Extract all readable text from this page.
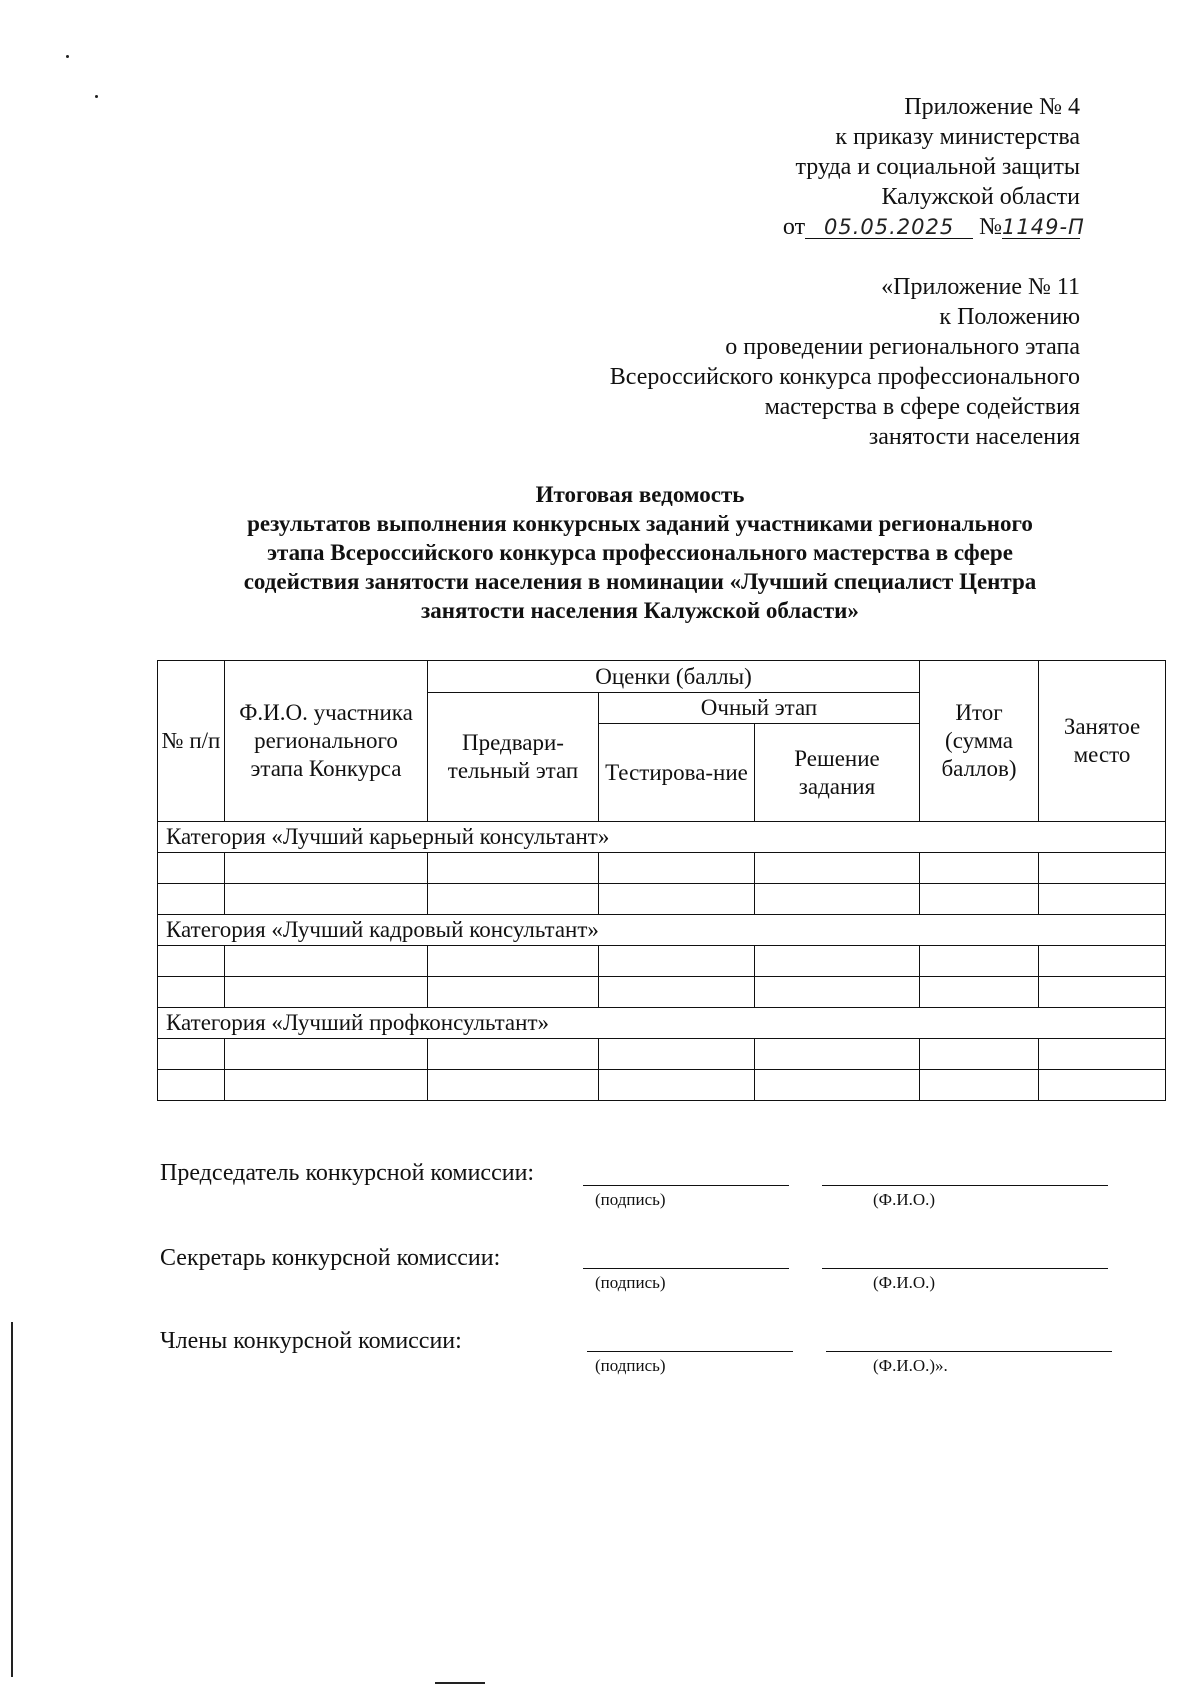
Приложение № 4
к приказу министерства
труда и социальной защиты
Калужской области
от 05.05.2025 №1149-П
«Приложение № 11
к Положению
о проведении регионального этапа
Всероссийского конкурса профессионального
мастерства в сфере содействия
занятости населения
Итоговая ведомость
результатов выполнения конкурсных заданий участниками регионального
этапа Всероссийского конкурса профессионального мастерства в сфере
содействия занятости населения в номинации «Лучший специалист Центра
занятости населения Калужской области»
№ п/п	Ф.И.О. участника регионального этапа Конкурса	Оценки (баллы)			Итог (сумма баллов)	Занятое место
		Предвари-тельный этап	Очный этап			
			Тестирова-ние	Решение задания		
Категория «Лучший карьерный консультант»						

Категория «Лучший кадровый консультант»						

Категория «Лучший профконсультант»						

Председатель конкурсной комиссии:
(подпись)	(Ф.И.О.)
Секретарь конкурсной комиссии:
(подпись)	(Ф.И.О.)
Члены конкурсной комиссии:
(подпись)	(Ф.И.О.)».
